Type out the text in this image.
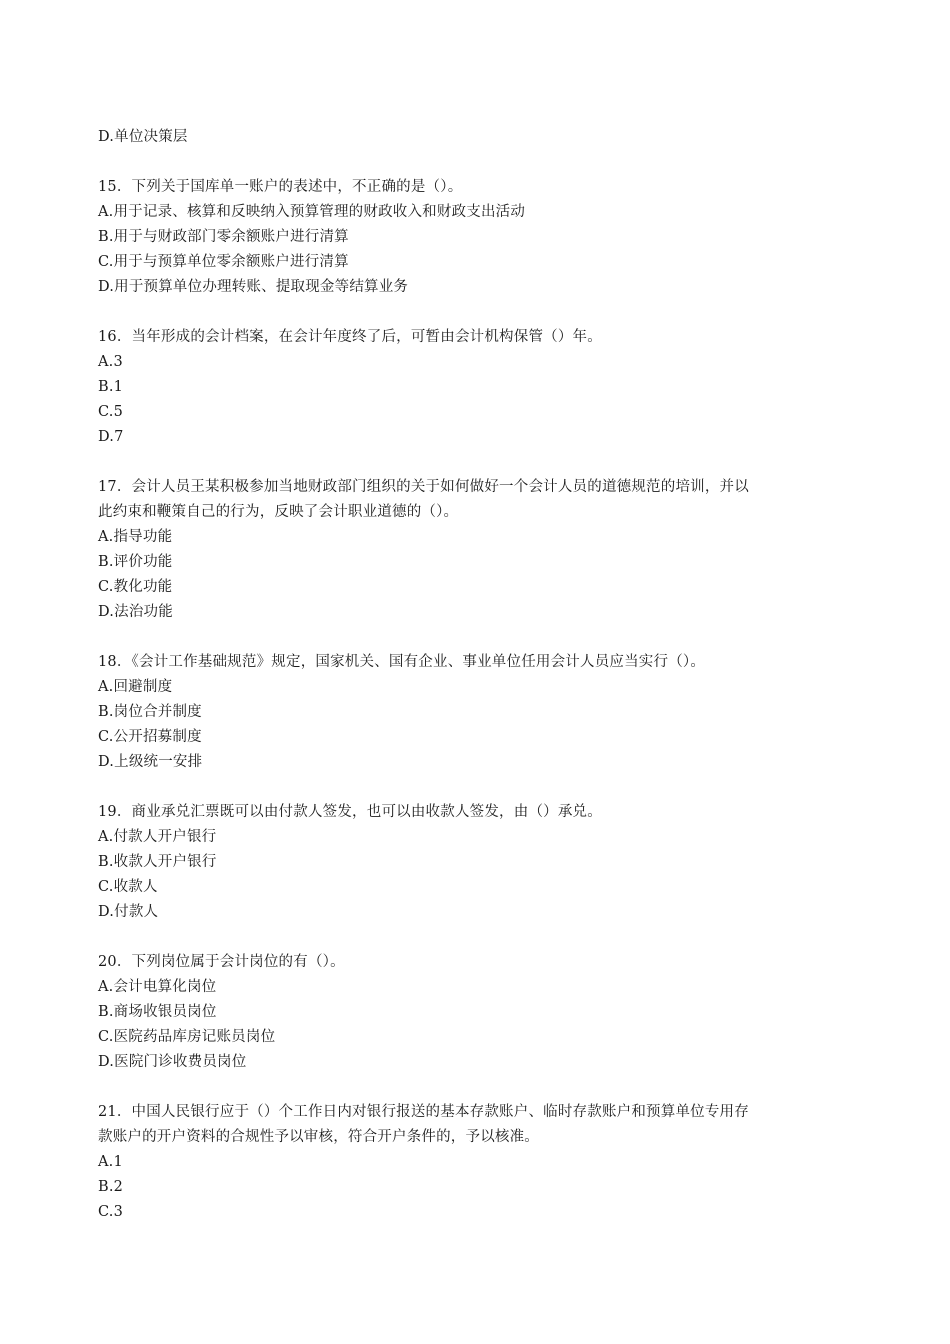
D.单位决策层
15．下列关于国库单一账户的表述中，不正确的是（）。
A.用于记录、核算和反映纳入预算管理的财政收入和财政支出活动
B.用于与财政部门零余额账户进行清算
C.用于与预算单位零余额账户进行清算
D.用于预算单位办理转账、提取现金等结算业务
16．当年形成的会计档案，在会计年度终了后，可暂由会计机构保管（）年。
A.3
B.1
C.5
D.7
17．会计人员王某积极参加当地财政部门组织的关于如何做好一个会计人员的道德规范的培训，并以
此约束和鞭策自己的行为，反映了会计职业道德的（）。
A.指导功能
B.评价功能
C.教化功能
D.法治功能
18．《会计工作基础规范》规定，国家机关、国有企业、事业单位任用会计人员应当实行（）。
A.回避制度
B.岗位合并制度
C.公开招募制度
D.上级统一安排
19．商业承兑汇票既可以由付款人签发，也可以由收款人签发，由（）承兑。
A.付款人开户银行
B.收款人开户银行
C.收款人
D.付款人
20．下列岗位属于会计岗位的有（）。
A.会计电算化岗位
B.商场收银员岗位
C.医院药品库房记账员岗位
D.医院门诊收费员岗位
21．中国人民银行应于（）个工作日内对银行报送的基本存款账户、临时存款账户和预算单位专用存
款账户的开户资料的合规性予以审核，符合开户条件的，予以核准。
A.1
B.2
C.3
